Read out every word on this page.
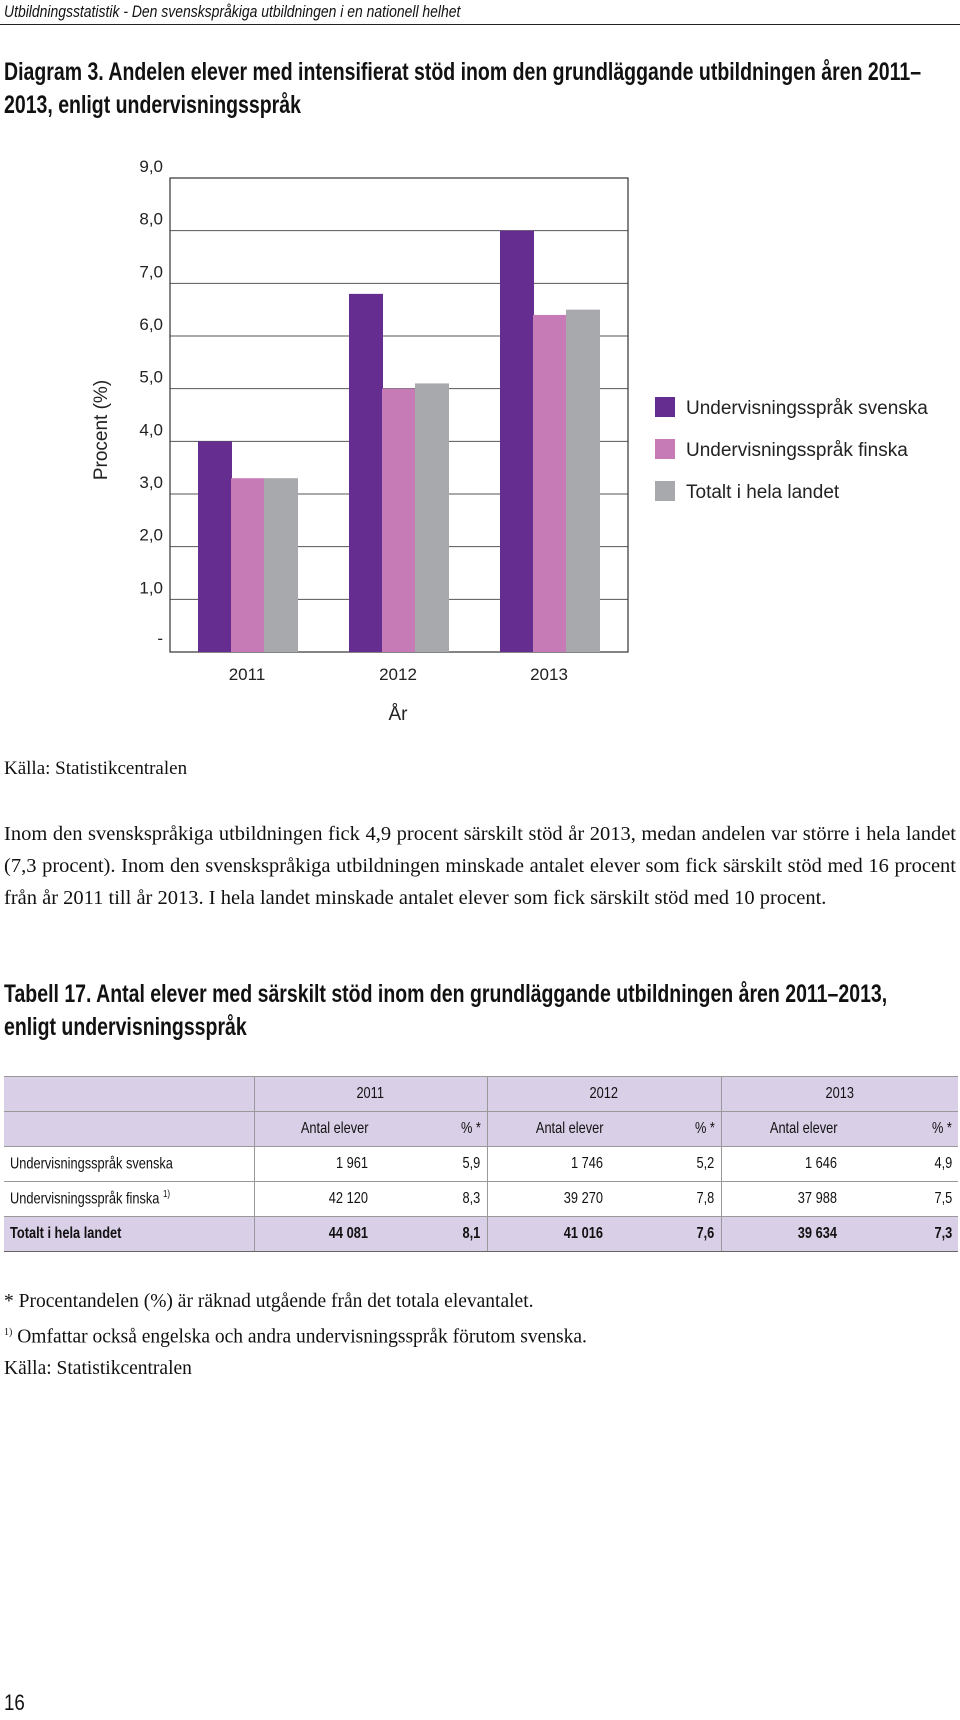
Utbildningsstatistik - Den svenskspråkiga utbildningen i en nationell helhet
Diagram 3. Andelen elever med intensifierat stöd inom den grundläggande utbildningen åren 2011–2013, enligt undervisningsspråk
-
1,0
2,0
3,0
4,0
5,0
6,0
7,0
8,0
9,0
2011	2012	2013
Procent (%)
År
Undervisningsspråk svenska
Undervisningsspråk finska
Totalt i hela landet
Källa: Statistikcentralen
Inom den svenskspråkiga utbildningen fick 4,9 procent särskilt stöd år 2013, medan andelen var större i hela landet (7,3 procent). Inom den svenskspråkiga utbildningen minskade antalet elever som fick särskilt stöd med 16 procent från år 2011 till år 2013. I hela landet minskade antalet elever som fick särskilt stöd med 10 procent.
Tabell 17. Antal elever med särskilt stöd inom den grundläggande utbildningen åren 2011–2013, enligt undervisningsspråk
	2011		2012		2013	
	Antal elever	% *	Antal elever	% *	Antal elever	% *
Undervisningsspråk svenska	1 961	5,9	1 746	5,2	1 646	4,9
Undervisningsspråk finska $^{1)}$	42 120	8,3	39 270	7,8	37 988	7,5
Totalt i hela landet	44 081	8,1	41 016	7,6	39 634	7,3
* Procentandelen (%) är räknad utgående från det totala elevantalet.
$^{1)}$ Omfattar också engelska och andra undervisningsspråk förutom svenska.
Källa: Statistikcentralen
16
